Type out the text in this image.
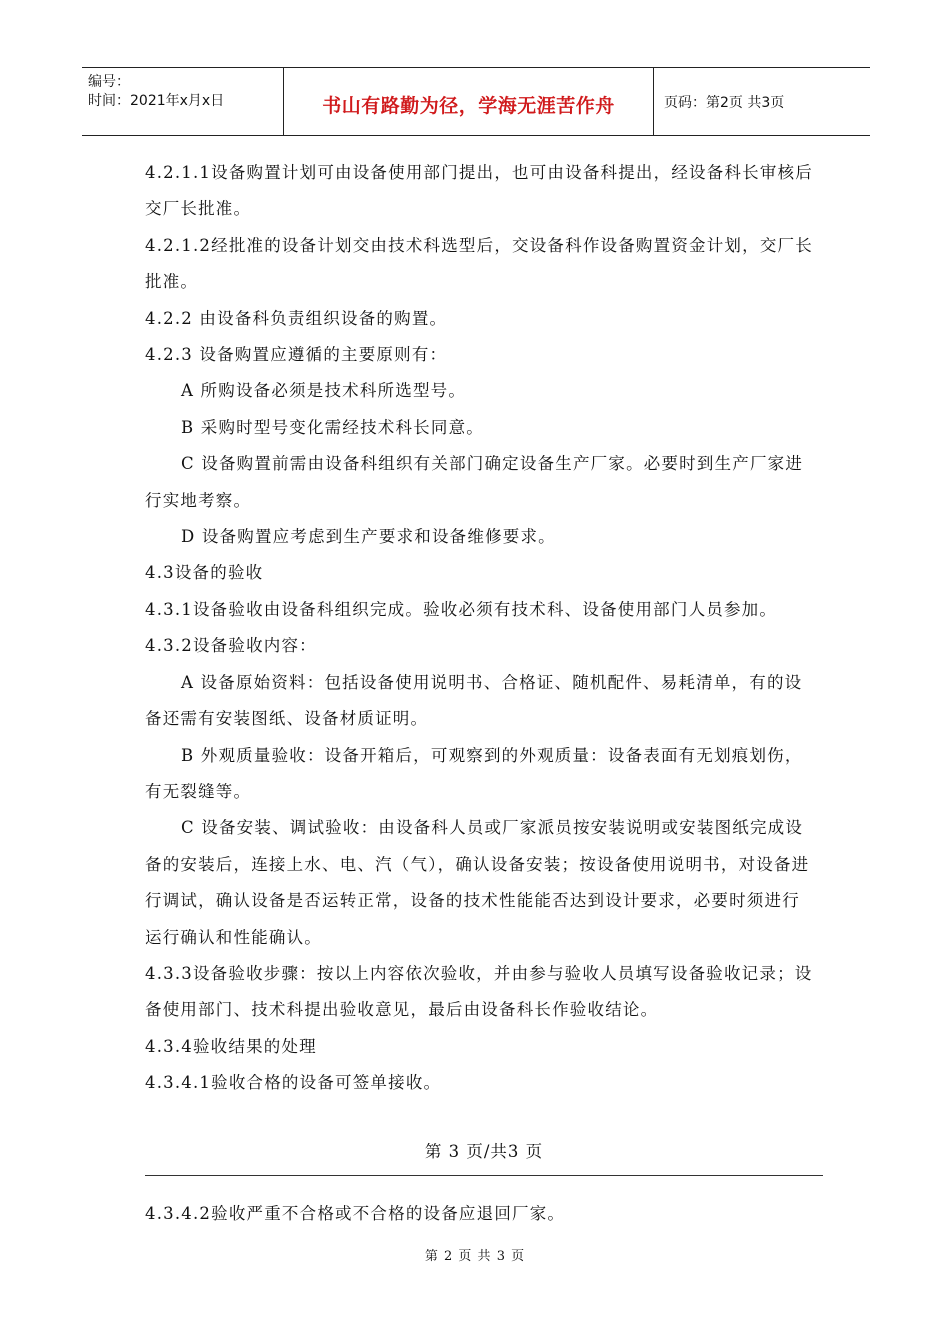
编号：
时间：2021年x月x日	书山有路勤为径，学海无涯苦作舟	页码：第2页 共3页

4.2.1.1设备购置计划可由设备使用部门提出，也可由设备科提出，经设备科长审核后交厂长批准。

4.2.1.2经批准的设备计划交由技术科选型后，交设备科作设备购置资金计划，交厂长批准。

4.2.2 由设备科负责组织设备的购置。

4.2.3 设备购置应遵循的主要原则有：

A 所购设备必须是技术科所选型号。

B 采购时型号变化需经技术科长同意。

C 设备购置前需由设备科组织有关部门确定设备生产厂家。必要时到生产厂家进行实地考察。

D 设备购置应考虑到生产要求和设备维修要求。

4.3设备的验收

4.3.1设备验收由设备科组织完成。验收必须有技术科、设备使用部门人员参加。

4.3.2设备验收内容：

A 设备原始资料：包括设备使用说明书、合格证、随机配件、易耗清单，有的设备还需有安装图纸、设备材质证明。

B 外观质量验收：设备开箱后，可观察到的外观质量：设备表面有无划痕划伤，有无裂缝等。

C 设备安装、调试验收：由设备科人员或厂家派员按安装说明或安装图纸完成设备的安装后，连接上水、电、汽（气），确认设备安装；按设备使用说明书，对设备进行调试，确认设备是否运转正常，设备的技术性能能否达到设计要求，必要时须进行运行确认和性能确认。

4.3.3设备验收步骤：按以上内容依次验收，并由参与验收人员填写设备验收记录；设备使用部门、技术科提出验收意见，最后由设备科长作验收结论。

4.3.4验收结果的处理

4.3.4.1验收合格的设备可签单接收。

第 3 页/共3 页
4.3.4.2验收严重不合格或不合格的设备应退回厂家。
第 2 页 共 3 页
